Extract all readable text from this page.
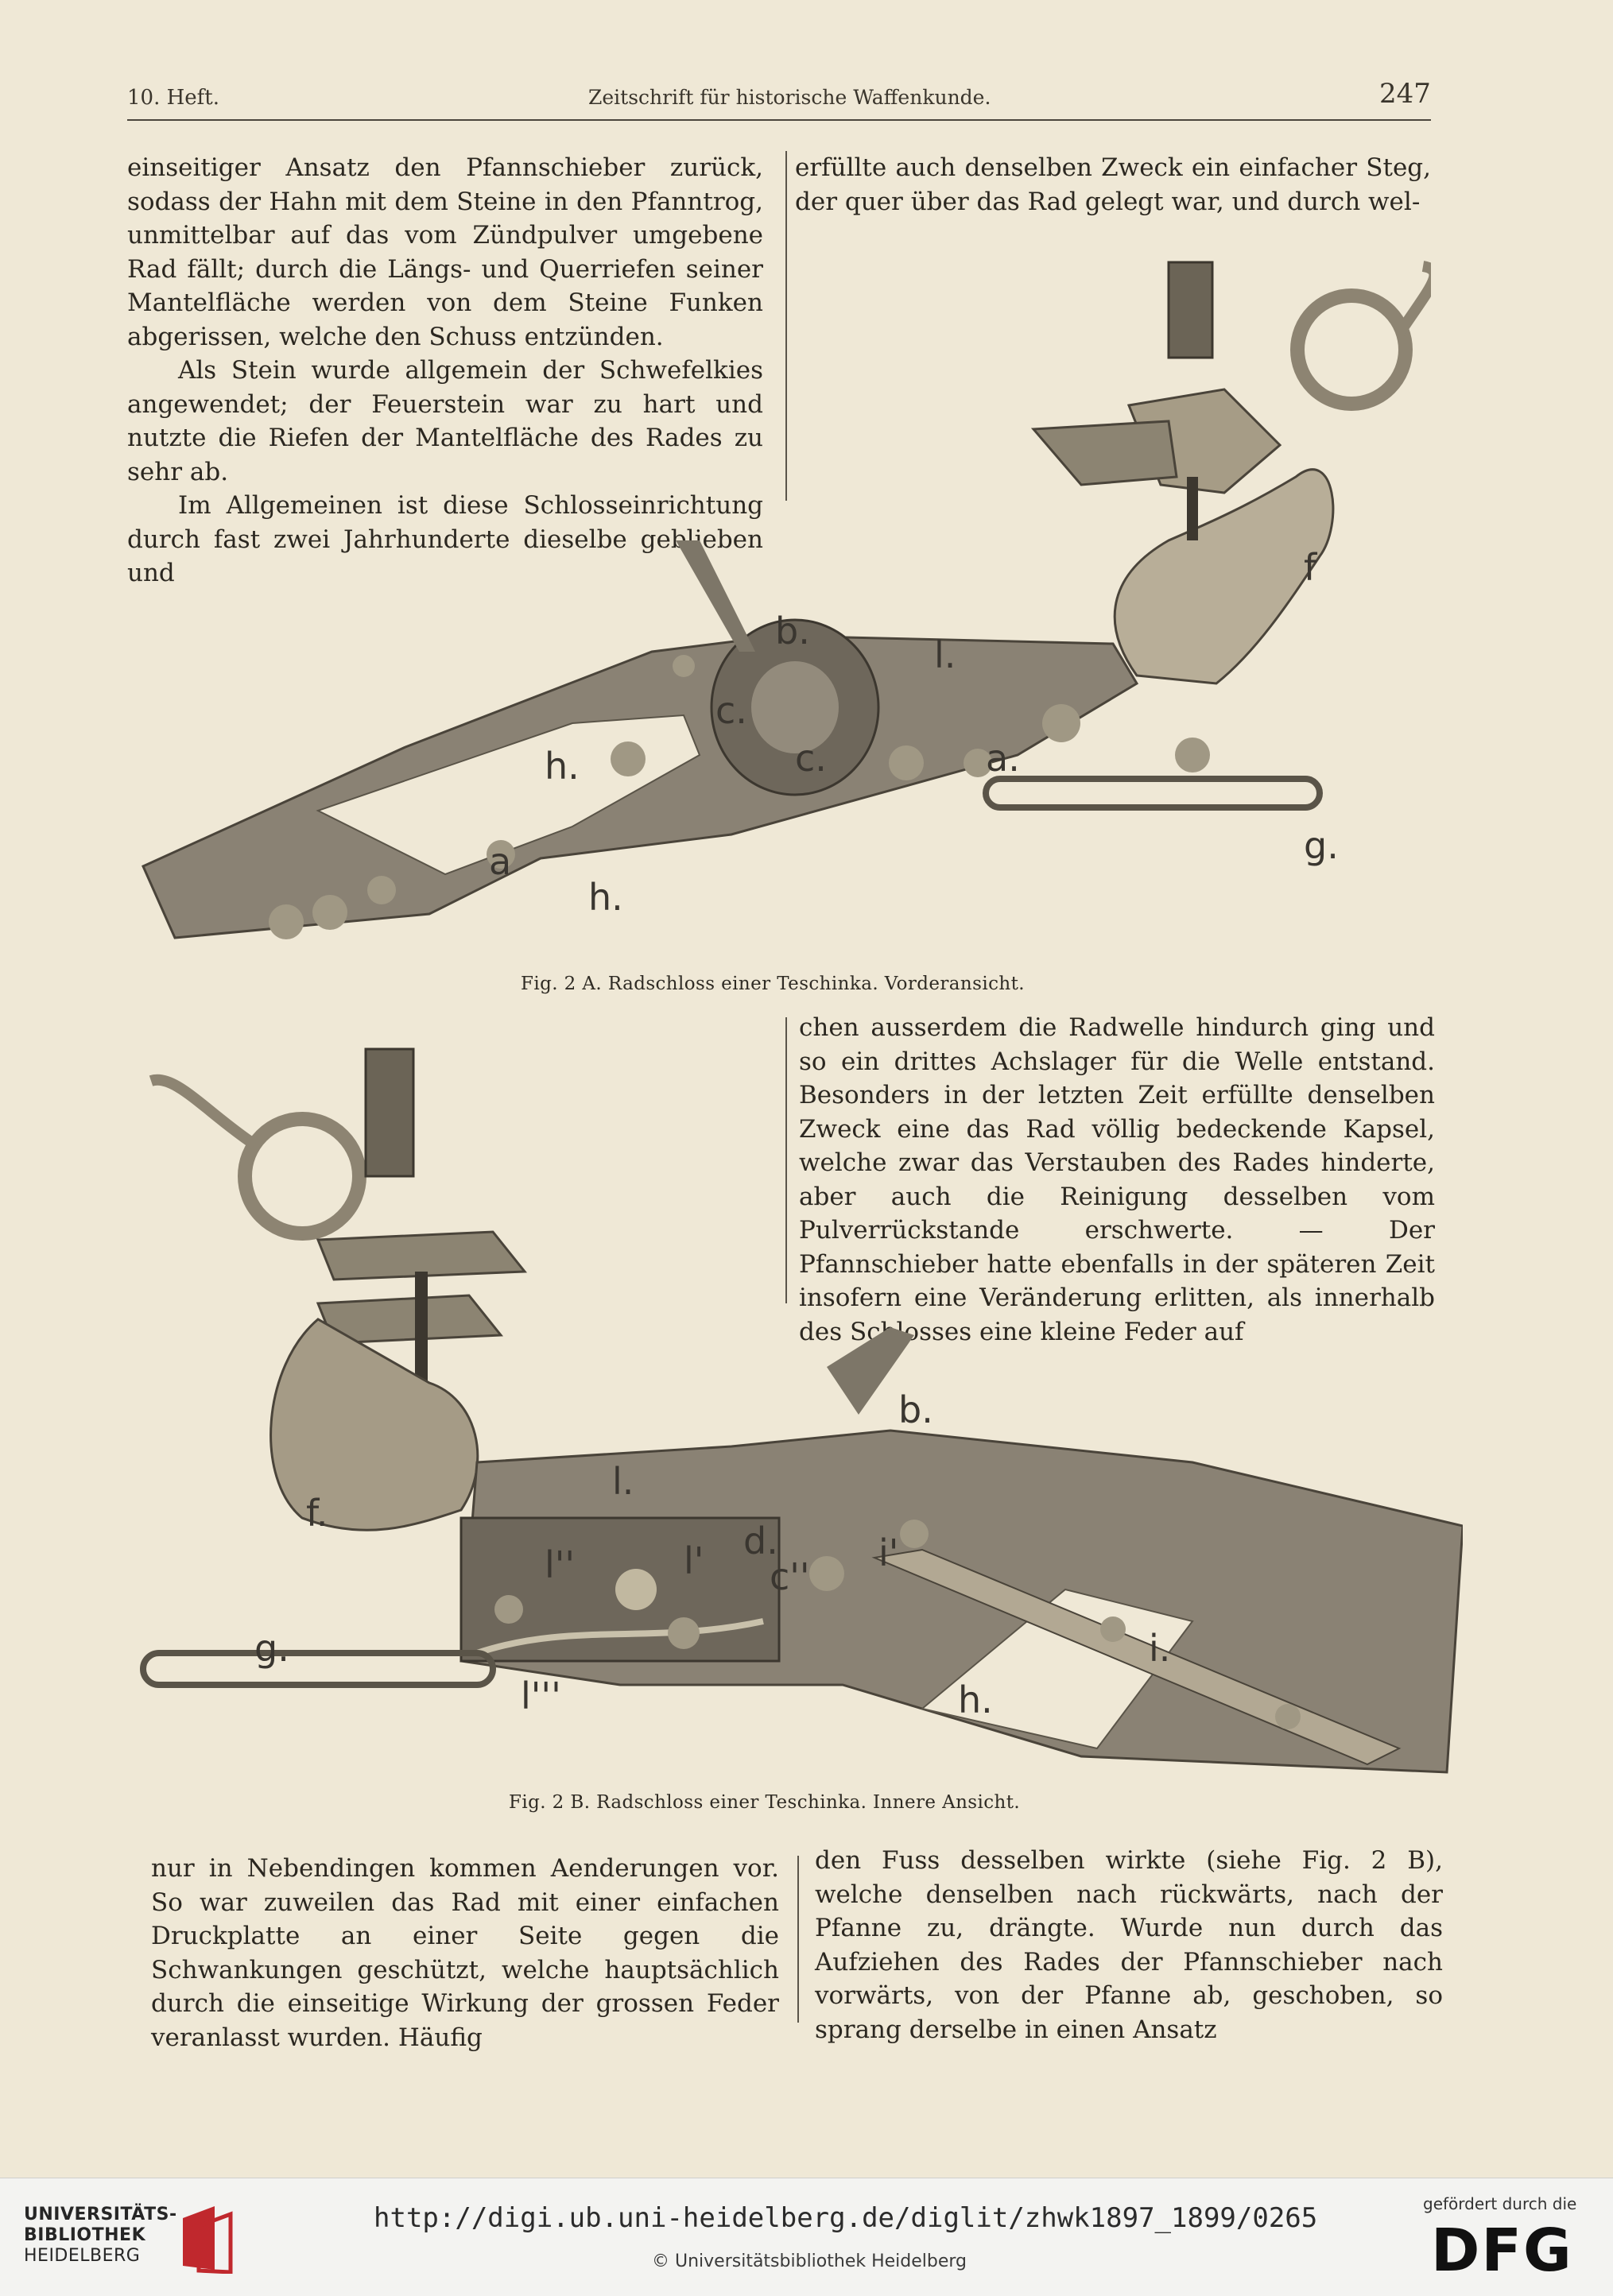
10. Heft.	Zeitschrift für historische Waffenkunde.	247

einseitiger Ansatz den Pfannschieber zurück, sodass der Hahn mit dem Steine in den Pfanntrog, unmittelbar auf das vom Zündpulver umgebene Rad fällt; durch die Längs- und Querriefen seiner Mantelfläche werden von dem Steine Funken abgerissen, welche den Schuss entzünden.

Als Stein wurde allgemein der Schwefelkies angewendet; der Feuerstein war zu hart und nutzte die Riefen der Mantelfläche des Rades zu sehr ab.

Im Allgemeinen ist diese Schlosseinrichtung durch fast zwei Jahrhunderte dieselbe geblieben und

erfüllte auch denselben Zweck ein einfacher Steg, der quer über das Rad gelegt war, und durch wel-

b.
l.
c.
c.	a.
h.
a
h.
f
g.
Fig. 2 A. Radschloss einer Teschinka. Vorderansicht.

chen ausserdem die Radwelle hindurch ging und so ein drittes Achslager für die Welle entstand. Besonders in der letzten Zeit erfüllte denselben Zweck eine das Rad völlig bedeckende Kapsel, welche zwar das Verstauben des Rades hinderte, aber auch die Reinigung desselben vom Pulverrückstande erschwerte. — Der Pfannschieber hatte ebenfalls in der späteren Zeit insofern eine Veränderung erlitten, als innerhalb des Schlosses eine kleine Feder auf

b.
l.
f.
l''	l' d.
c''
i'
g.
l'''	h.
i.
Fig. 2 B. Radschloss einer Teschinka. Innere Ansicht.

nur in Nebendingen kommen Aenderungen vor. So war zuweilen das Rad mit einer einfachen Druckplatte an einer Seite gegen die Schwankungen geschützt, welche hauptsächlich durch die einseitige Wirkung der grossen Feder veranlasst wurden. Häufig

den Fuss desselben wirkte (siehe Fig. 2 B), welche denselben nach rückwärts, nach der Pfanne zu, drängte. Wurde nun durch das Aufziehen des Rades der Pfannschieber nach vorwärts, von der Pfanne ab, geschoben, so sprang derselbe in einen Ansatz

UNIVERSITÄTS-
BIBLIOTHEK
HEIDELBERG
http://digi.ub.uni-heidelberg.de/diglit/zhwk1897_1899/0265
© Universitätsbibliothek Heidelberg
gefördert durch die
DFG
